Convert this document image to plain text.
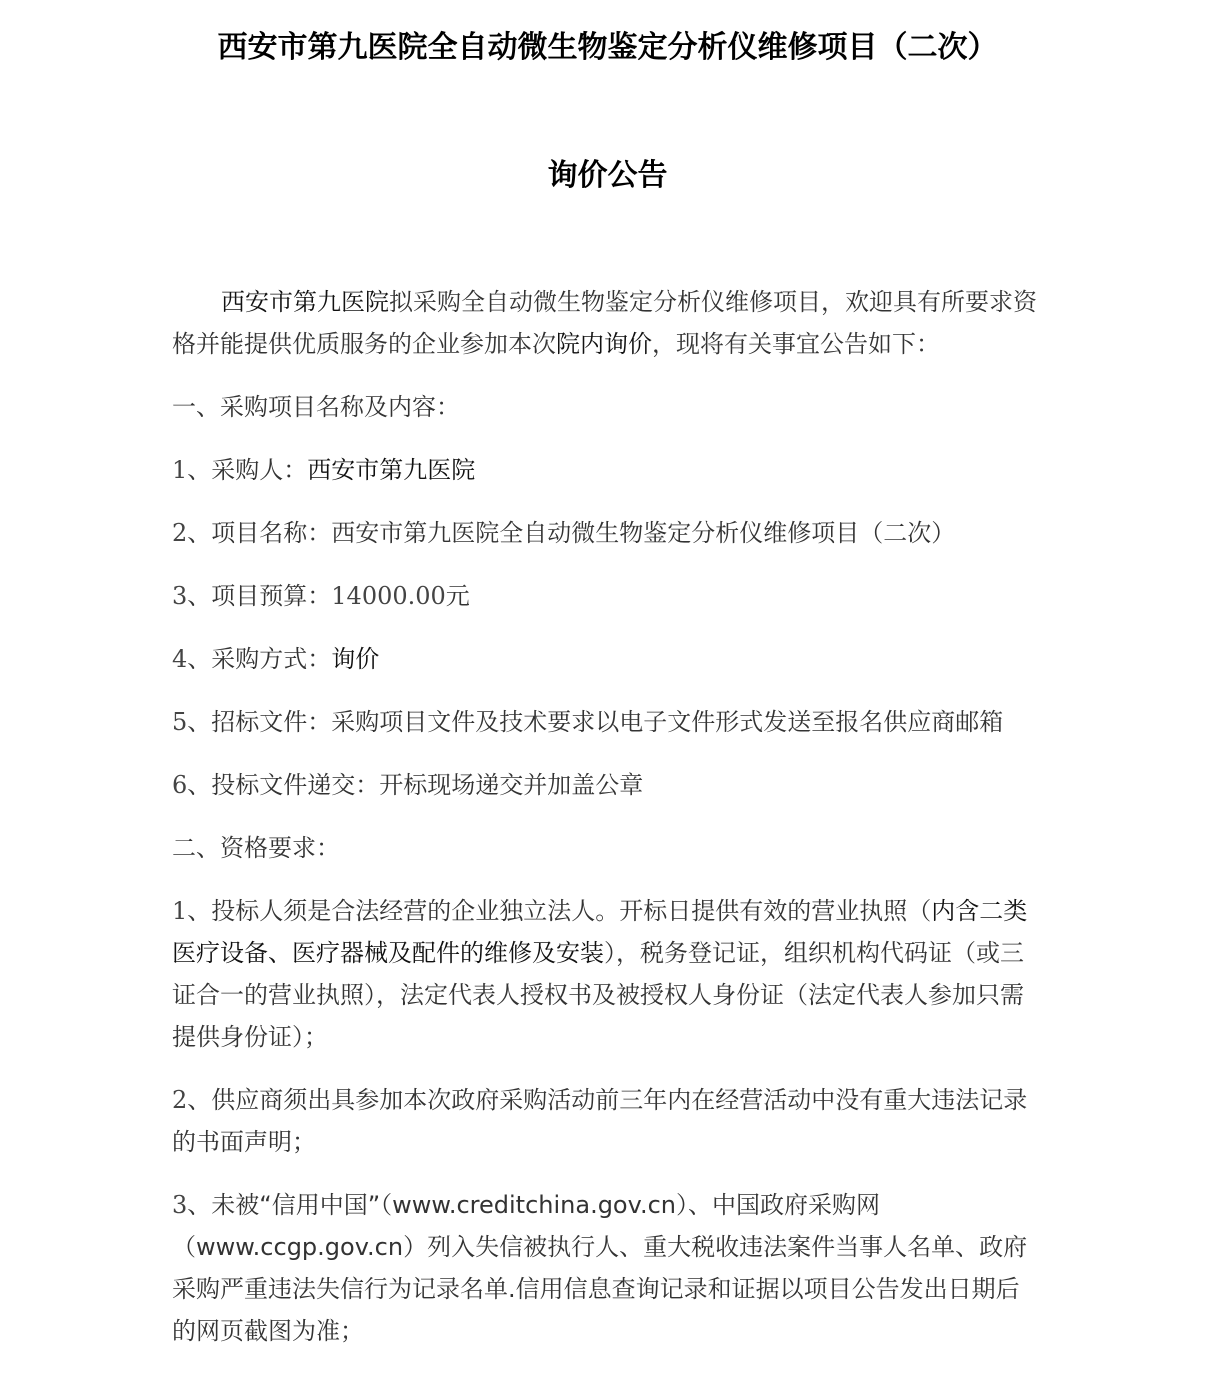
西安市第九医院全自动微生物鉴定分析仪维修项目（二次）
询价公告

西安市第九医院拟采购全自动微生物鉴定分析仪维修项目，欢迎具有所要求资格并能提供优质服务的企业参加本次院内询价，现将有关事宜公告如下：

一、采购项目名称及内容：

1、采购人：西安市第九医院

2、项目名称：西安市第九医院全自动微生物鉴定分析仪维修项目（二次）

3、项目预算：14000.00元

4、采购方式：询价

5、招标文件：采购项目文件及技术要求以电子文件形式发送至报名供应商邮箱

6、投标文件递交：开标现场递交并加盖公章

二、资格要求：

1、投标人须是合法经营的企业独立法人。开标日提供有效的营业执照（内含二类医疗设备、医疗器械及配件的维修及安装），税务登记证，组织机构代码证（或三证合一的营业执照），法定代表人授权书及被授权人身份证（法定代表人参加只需提供身份证）；

2、供应商须出具参加本次政府采购活动前三年内在经营活动中没有重大违法记录的书面声明；

3、未被“信用中国”（www.creditchina.gov.cn）、中国政府采购网（www.ccgp.gov.cn）列入失信被执行人、重大税收违法案件当事人名单、政府采购严重违法失信行为记录名单.信用信息查询记录和证据以项目公告发出日期后的网页截图为准；
